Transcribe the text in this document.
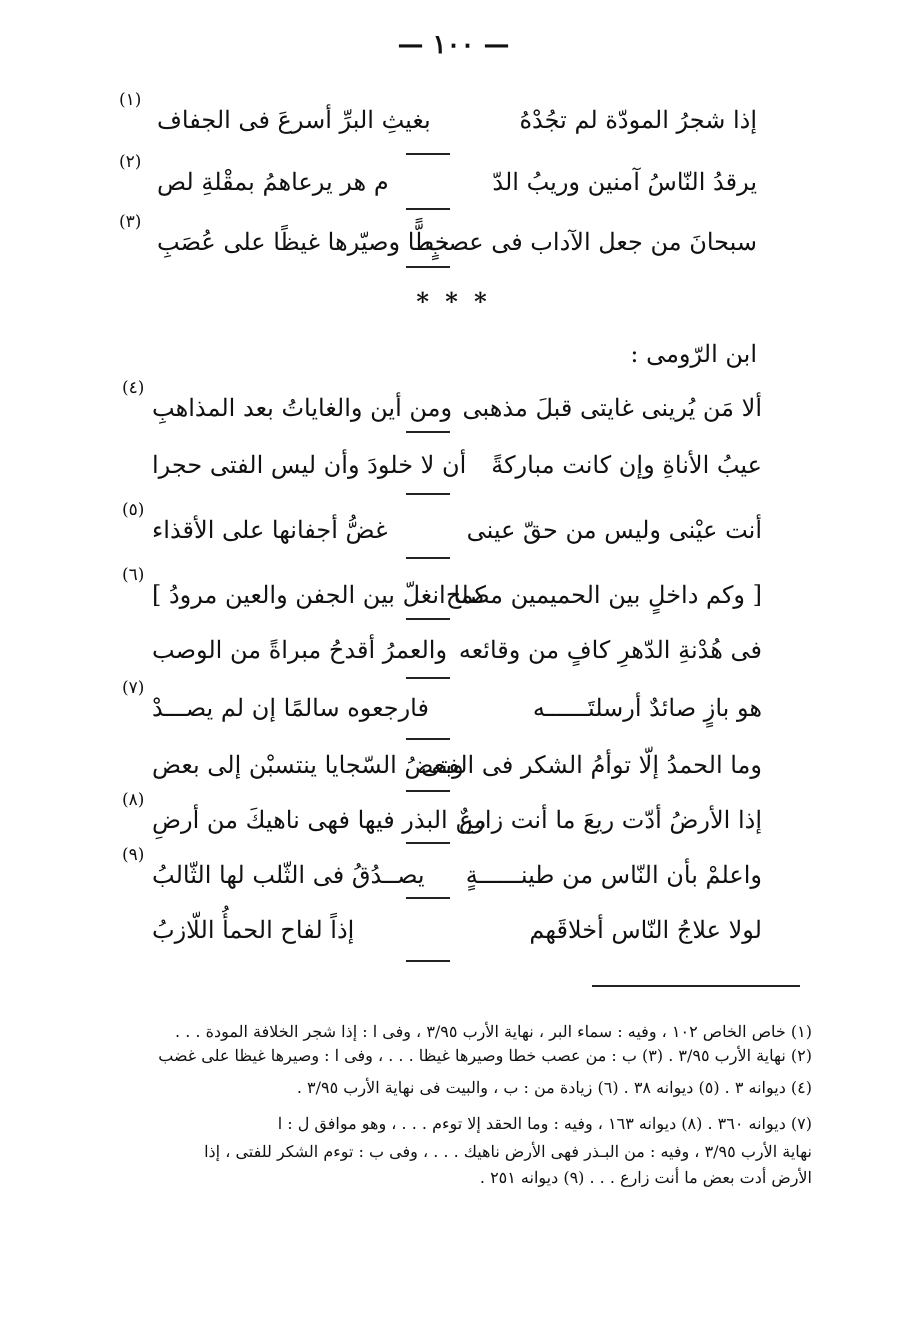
— ١٠٠ —
إذا شجرُ المودّة لم تجُدْهُ
بغيثِ البرِّ أسرعَ فى الجفاف
(١)
يرقدُ النّاسُ آمنين وريبُ الدّ
م هر يرعاهمُ بمقْلةِ لص
(٢)
سبحانَ من جعل الآداب فى عصبٍ
خطًّا وصيّرها غيظًا على عُصَبِ
(٣)
* * *
ابن الرّومى :
ألا مَن يُرينى غايتى قبلَ مذهبى
ومن أين والغاياتُ بعد المذاهبِ
(٤)
عيبُ الأناةِ وإن كانت مباركةً
أن لا خلودَ وأن ليس الفتى حجرا
أنت عيْنى وليس من حقّ عينى
غضُّ أجفانها على الأقذاء
(٥)
[ وكم داخلٍ بين الحميمين مصلح
كما انغلّ بين الجفن والعين مرودُ ]
(٦)
فى هُدْنةِ الدّهرِ كافٍ من وقائعه
والعمرُ أقدحُ مبراةً من الوصب
هو بازٍ صائدٌ أرسلتَــــــه
فارجعوه سالمًا إن لم يصـــدْ
(٧)
وما الحمدُ إلّا توأمُ الشكر فى الفتى
وبعضُ السّجايا ينتسبْن إلى بعض
إذا الأرضُ أدّت ريعَ ما أنت زارعٌ
من البذر فيها فهى ناهيكَ من أرضِ
(٨)
واعلمْ بأن النّاس من طينــــــةٍ
يصــدُقُ فى الثّلب لها الثّالبُ
(٩)
لولا علاجُ النّاس أخلاقَهم
إذاً لفاح الحمأُ اللّازبُ
(١) خاص الخاص ١٠٢ ، وفيه : سماء البر ، نهاية الأرب ٣/٩٥ ، وفى ا : إذا شجر الخلافة المودة . . .
(٢) نهاية الأرب ٣/٩٥ . (٣) ب : من عصب خطا وصيرها غيظا . . . ، وفى ا : وصيرها غيظا على غضب
(٤) ديوانه ٣ . (٥) ديوانه ٣٨ . (٦) زيادة من : ب ، والبيت فى نهاية الأرب ٣/٩٥ .
(٧) ديوانه ٣٦٠ . (٨) ديوانه ١٦٣ ، وفيه : وما الحقد إلا توءم . . . ، وهو موافق ل : ا
نهاية الأرب ٣/٩٥ ، وفيه : من البـذر فهى الأرض ناهيك . . . ، وفى ب : توءم الشكر للفتى ، إذا
الأرض أدت بعض ما أنت زارع . . . (٩) ديوانه ٢٥١ .
